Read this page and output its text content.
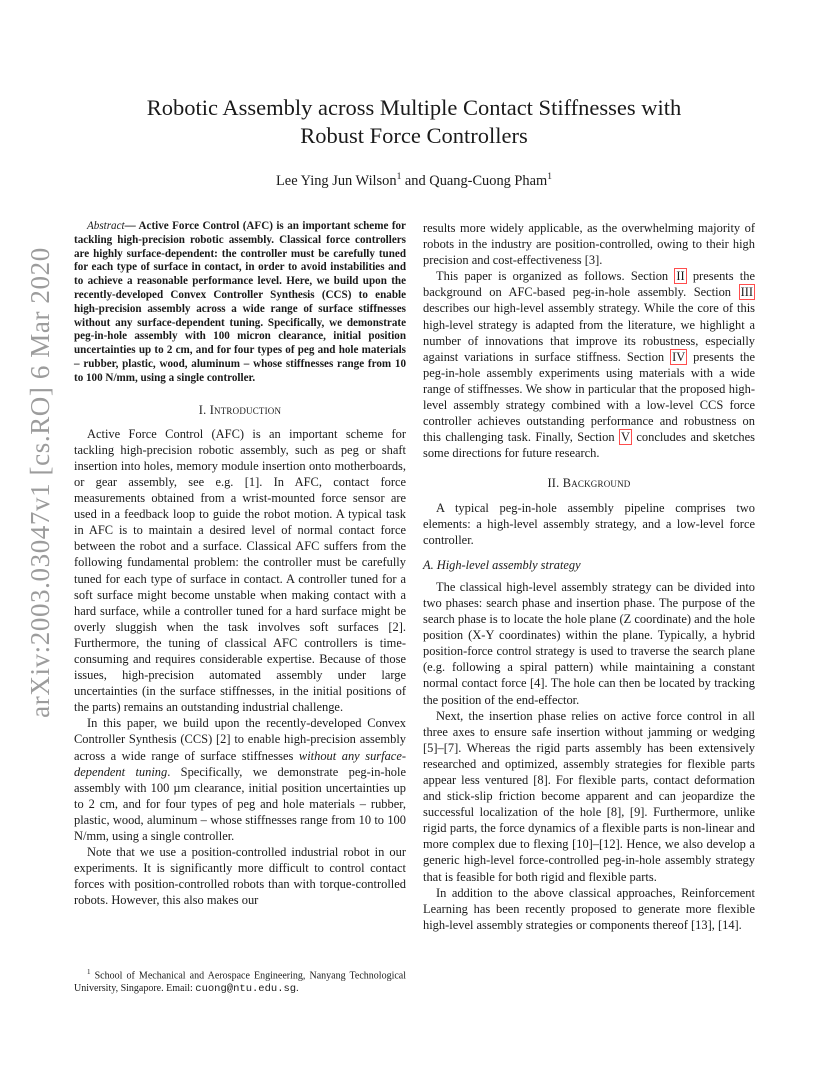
arXiv:2003.03047v1 [cs.RO] 6 Mar 2020
Robotic Assembly across Multiple Contact Stiffnesses with
Robust Force Controllers
Lee Ying Jun Wilson$^1$ and Quang-Cuong Pham$^1$

Abstract— Active Force Control (AFC) is an important scheme for tackling high-precision robotic assembly. Classical force controllers are highly surface-dependent: the controller must be carefully tuned for each type of surface in contact, in order to avoid instabilities and to achieve a reasonable performance level. Here, we build upon the recently-developed Convex Controller Synthesis (CCS) to enable high-precision assembly across a wide range of surface stiffnesses without any surface-dependent tuning. Specifically, we demonstrate peg-in-hole assembly with 100 micron clearance, initial position uncertainties up to 2 cm, and for four types of peg and hole materials – rubber, plastic, wood, aluminum – whose stiffnesses range from 10 to 100 N/mm, using a single controller.

I. Introduction

Active Force Control (AFC) is an important scheme for tackling high-precision robotic assembly, such as peg or shaft insertion into holes, memory module insertion onto motherboards, or gear assembly, see e.g. [1]. In AFC, contact force measurements obtained from a wrist-mounted force sensor are used in a feedback loop to guide the robot motion. A typical task in AFC is to maintain a desired level of normal contact force between the robot and a surface. Classical AFC suffers from the following fundamental problem: the controller must be carefully tuned for each type of surface in contact. A controller tuned for a soft surface might become unstable when making contact with a hard surface, while a controller tuned for a hard surface might be overly sluggish when the task involves soft surfaces [2]. Furthermore, the tuning of classical AFC controllers is time-consuming and requires considerable expertise. Because of those issues, high-precision automated assembly under large uncertainties (in the surface stiffnesses, in the initial positions of the parts) remains an outstanding industrial challenge.

In this paper, we build upon the recently-developed Convex Controller Synthesis (CCS) [2] to enable high-precision assembly across a wide range of surface stiffnesses without any surface-dependent tuning. Specifically, we demonstrate peg-in-hole assembly with 100 µm clearance, initial position uncertainties up to 2 cm, and for four types of peg and hole materials – rubber, plastic, wood, aluminum – whose stiffnesses range from 10 to 100 N/mm, using a single controller.

Note that we use a position-controlled industrial robot in our experiments. It is significantly more difficult to control contact forces with position-controlled robots than with torque-controlled robots. However, this also makes our

results more widely applicable, as the overwhelming majority of robots in the industry are position-controlled, owing to their high precision and cost-effectiveness [3].

This paper is organized as follows. Section II presents the background on AFC-based peg-in-hole assembly. Section III describes our high-level assembly strategy. While the core of this high-level strategy is adapted from the literature, we highlight a number of innovations that improve its robustness, especially against variations in surface stiffness. Section IV presents the peg-in-hole assembly experiments using materials with a wide range of stiffnesses. We show in particular that the proposed high-level assembly strategy combined with a low-level CCS force controller achieves outstanding performance and robustness on this challenging task. Finally, Section V concludes and sketches some directions for future research.

II. Background

A typical peg-in-hole assembly pipeline comprises two elements: a high-level assembly strategy, and a low-level force controller.

A. High-level assembly strategy

The classical high-level assembly strategy can be divided into two phases: search phase and insertion phase. The purpose of the search phase is to locate the hole plane (Z coordinate) and the hole position (X-Y coordinates) within the plane. Typically, a hybrid position-force control strategy is used to traverse the search plane (e.g. following a spiral pattern) while maintaining a constant normal contact force [4]. The hole can then be located by tracking the position of the end-effector.

Next, the insertion phase relies on active force control in all three axes to ensure safe insertion without jamming or wedging [5]–[7]. Whereas the rigid parts assembly has been extensively researched and optimized, assembly strategies for flexible parts appear less ventured [8]. For flexible parts, contact deformation and stick-slip friction become apparent and can jeopardize the successful localization of the hole [8], [9]. Furthermore, unlike rigid parts, the force dynamics of a flexible parts is non-linear and more complex due to flexing [10]–[12]. Hence, we also develop a generic high-level force-controlled peg-in-hole assembly strategy that is feasible for both rigid and flexible parts.

In addition to the above classical approaches, Reinforcement Learning has been recently proposed to generate more flexible high-level assembly strategies or components thereof [13], [14].

$^1$ School of Mechanical and Aerospace Engineering, Nanyang Technological University, Singapore. Email: cuong@ntu.edu.sg.
